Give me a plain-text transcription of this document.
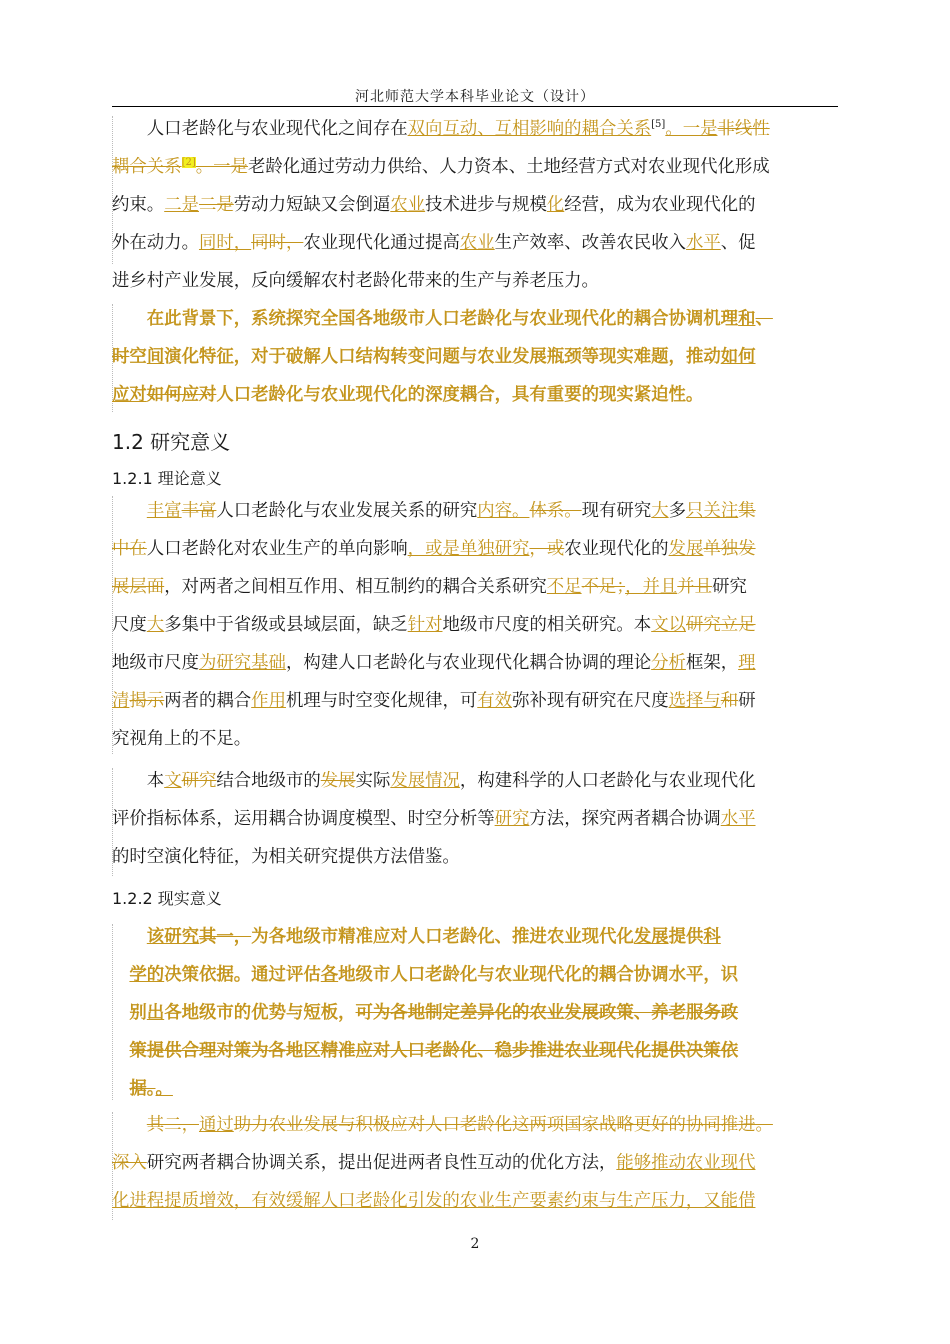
河北师范大学本科毕业论文（设计）
　　人口老龄化与农业现代化之间存在双向互动、互相影响的耦合关系[5]。一是非线性
耦合关系[2]。一是老龄化通过劳动力供给、人力资本、土地经营方式对农业现代化形成
约束。二是二是劳动力短缺又会倒逼农业技术进步与规模化经营，成为农业现代化的
外在动力。同时，同时，农业现代化通过提高农业生产效率、改善农民收入水平、促
进乡村产业发展，反向缓解农村老龄化带来的生产与养老压力。
　　在此背景下，系统探究全国各地级市人口老龄化与农业现代化的耦合协调机理和、
时空间演化特征，对于破解人口结构转变问题与农业发展瓶颈等现实难题，推动如何
应对如何应对人口老龄化与农业现代化的深度耦合，具有重要的现实紧迫性。
1.2 研究意义
1.2.1 理论意义
　　丰富丰富人口老龄化与农业发展关系的研究内容。体系。现有研究大多只关注集
中在人口老龄化对农业生产的单向影响，或是单独研究，或农业现代化的发展单独发
展层面，对两者之间相互作用、相互制约的耦合关系研究不足不足；，并且并且研究
尺度大多集中于省级或县域层面，缺乏针对地级市尺度的相关研究。本文以研究立足
地级市尺度为研究基础，构建人口老龄化与农业现代化耦合协调的理论分析框架，理
清揭示两者的耦合作用机理与时空变化规律，可有效弥补现有研究在尺度选择与和研
究视角上的不足。
　　本文研究结合地级市的发展实际发展情况，构建科学的人口老龄化与农业现代化
评价指标体系，运用耦合协调度模型、时空分析等研究方法，探究两者耦合协调水平
的时空演化特征，为相关研究提供方法借鉴。
1.2.2 现实意义
　　该研究其一，为各地级市精准应对人口老龄化、推进农业现代化发展提供科
　学的决策依据。通过评估各地级市人口老龄化与农业现代化的耦合协调水平，识
　别出各地级市的优势与短板，可为各地制定差异化的农业发展政策、养老服务政
　策提供合理对策为各地区精准应对人口老龄化、稳步推进农业现代化提供决策依
　据。。
　　其二，通过助力农业发展与积极应对人口老龄化这两项国家战略更好的协同推进。
深入研究两者耦合协调关系，提出促进两者良性互动的优化方法，能够推动农业现代
化进程提质增效，有效缓解人口老龄化引发的农业生产要素约束与生产压力，又能借
2
